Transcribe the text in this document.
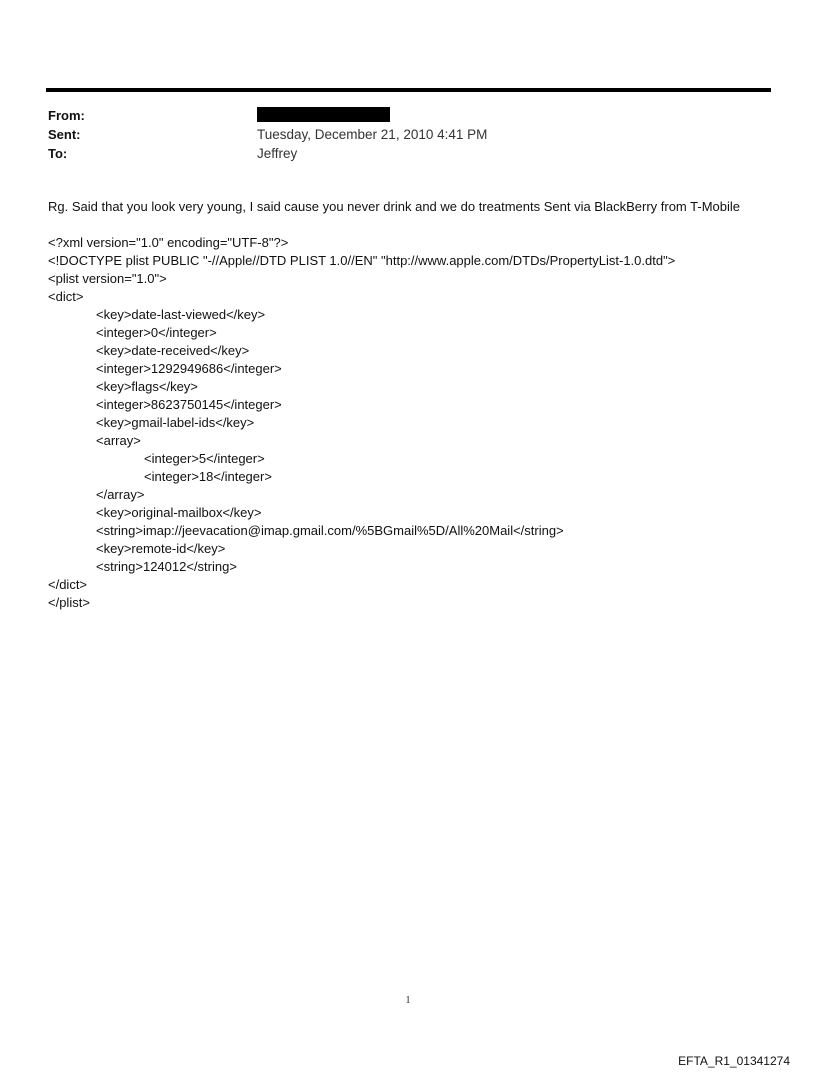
From:
Sent:	Tuesday, December 21, 2010 4:41 PM
To:	Jeffrey
Rg. Said that you look very young, I said cause you never drink and we do treatments Sent via BlackBerry from T-Mobile
<?xml version="1.0" encoding="UTF-8"?>
<!DOCTYPE plist PUBLIC "-//Apple//DTD PLIST 1.0//EN" "http://www.apple.com/DTDs/PropertyList-1.0.dtd">
<plist version="1.0">
<dict>
<key>date-last-viewed</key>
<integer>0</integer>
<key>date-received</key>
<integer>1292949686</integer>
<key>flags</key>
<integer>8623750145</integer>
<key>gmail-label-ids</key>
<array>
<integer>5</integer>
<integer>18</integer>
</array>
<key>original-mailbox</key>
<string>imap://jeevacation@imap.gmail.com/%5BGmail%5D/All%20Mail</string>
<key>remote-id</key>
<string>124012</string>
</dict>
</plist>
1
EFTA_R1_01341274
